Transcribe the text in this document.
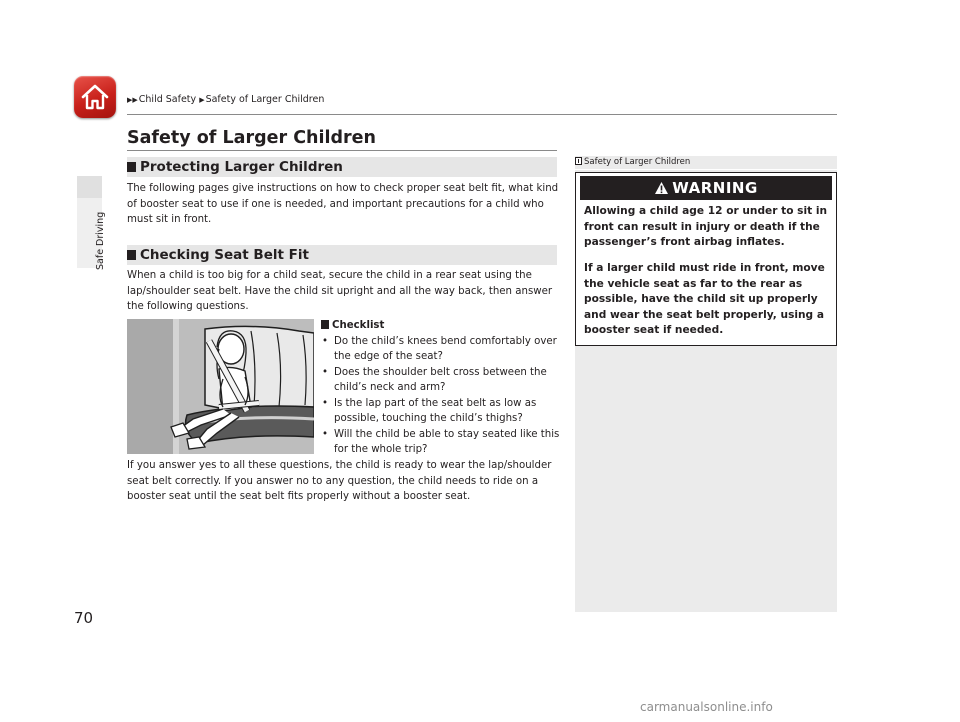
▶▶Child Safety ▶Safety of Larger Children
Safe Driving
70
Safety of Larger Children
Protecting Larger Children
The following pages give instructions on how to check proper seat belt fit, what kind of booster seat to use if one is needed, and important precautions for a child who must sit in front.
Checking Seat Belt Fit
When a child is too big for a child seat, secure the child in a rear seat using the lap/shoulder seat belt. Have the child sit upright and all the way back, then answer the following questions.
Checklist
• Do the child’s knees bend comfortably over the edge of the seat?
• Does the shoulder belt cross between the child’s neck and arm?
• Is the lap part of the seat belt as low as possible, touching the child’s thighs?
• Will the child be able to stay seated like this for the whole trip?
If you answer yes to all these questions, the child is ready to wear the lap/shoulder seat belt correctly. If you answer no to any question, the child needs to ride on a booster seat until the seat belt fits properly without a booster seat.
Safety of Larger Children
WARNING
Allowing a child age 12 or under to sit in front can result in injury or death if the passenger’s front airbag inflates.
If a larger child must ride in front, move the vehicle seat as far to the rear as possible, have the child sit up properly and wear the seat belt properly, using a booster seat if needed.
carmanualsonline.info
